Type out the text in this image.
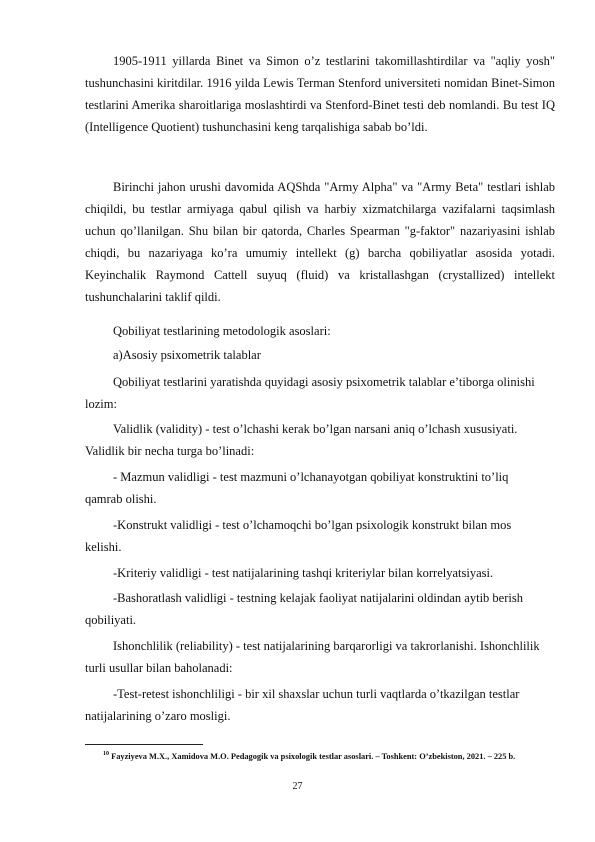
1905-1911 yillarda Binet va Simon o’z testlarini takomillashtirdilar va "aqliy yosh" tushunchasini kiritdilar. 1916 yilda Lewis Terman Stenford universiteti nomidan Binet-Simon testlarini Amerika sharoitlariga moslashtirdi va Stenford-Binet testi deb nomlandi. Bu test IQ (Intelligence Quotient) tushunchasini keng tarqalishiga sabab bo’ldi.

Birinchi jahon urushi davomida AQShda "Army Alpha" va "Army Beta" testlari ishlab chiqildi, bu testlar armiyaga qabul qilish va harbiy xizmatchilarga vazifalarni taqsimlash uchun qo’llanilgan. Shu bilan bir qatorda, Charles Spearman "g-faktor" nazariyasini ishlab chiqdi, bu nazariyaga ko’ra umumiy intellekt (g) barcha qobiliyatlar asosida yotadi. Keyinchalik Raymond Cattell suyuq (fluid) va kristallashgan (crystallized) intellekt tushunchalarini taklif qildi.

Qobiliyat testlarining metodologik asoslari:

a)Asosiy psixometrik talablar

Qobiliyat testlarini yaratishda quyidagi asosiy psixometrik talablar e’tiborga olinishi lozim:

Validlik (validity) - test o’lchashi kerak bo’lgan narsani aniq o’lchash xususiyati. Validlik bir necha turga bo’linadi:

- Mazmun validligi - test mazmuni o’lchanayotgan qobiliyat konstruktini to’liq qamrab olishi.

-Konstrukt validligi - test o’lchamoqchi bo’lgan psixologik konstrukt bilan mos kelishi.

-Kriteriy validligi - test natijalarining tashqi kriteriylar bilan korrelyatsiyasi.

-Bashoratlash validligi - testning kelajak faoliyat natijalarini oldindan aytib berish qobiliyati.

Ishonchlilik (reliability) - test natijalarining barqarorligi va takrorlanishi. Ishonchlilik turli usullar bilan baholanadi:

-Test-retest ishonchliligi - bir xil shaxslar uchun turli vaqtlarda o’tkazilgan testlar natijalarining o’zaro mosligi.

$^{10}$ Fayziyeva M.X., Xamidova M.O. Pedagogik va psixologik testlar asoslari. – Toshkent: O’zbekiston, 2021. – 225 b.

27
